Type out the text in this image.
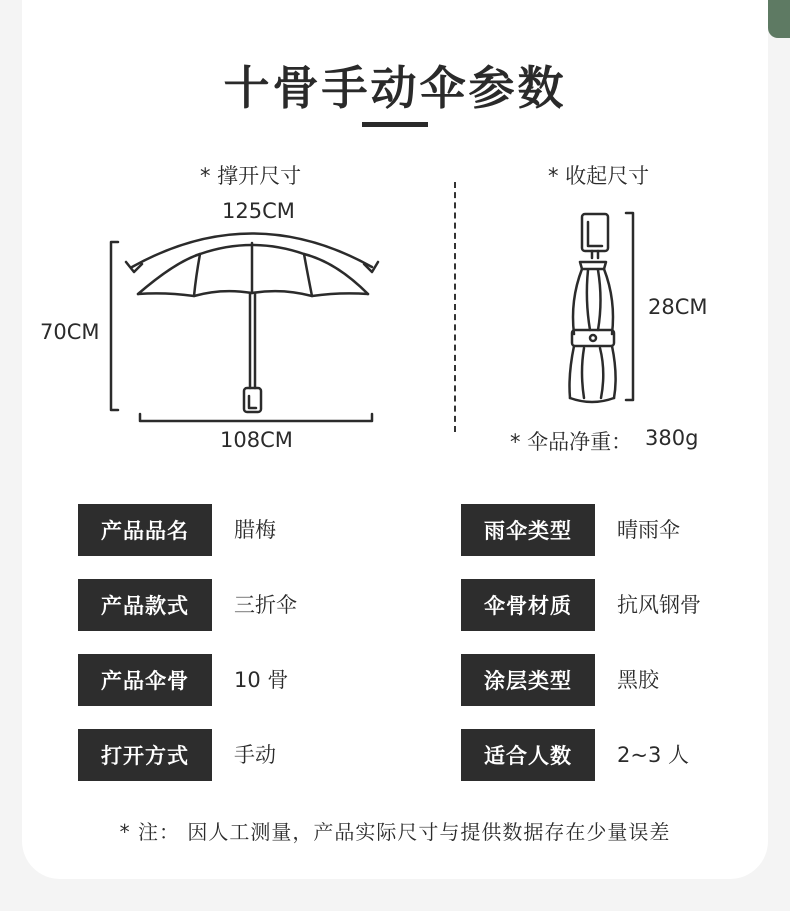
十骨手动伞参数
* 撑开尺寸
125CM
70CM
108CM
* 收起尺寸
28CM
* 伞品净重： 380g
产品品名	腊梅
产品款式	三折伞
产品伞骨	10 骨
打开方式	手动
雨伞类型	晴雨伞
伞骨材质	抗风钢骨
涂层类型	黑胶
适合人数	2~3 人
* 注： 因人工测量，产品实际尺寸与提供数据存在少量误差
